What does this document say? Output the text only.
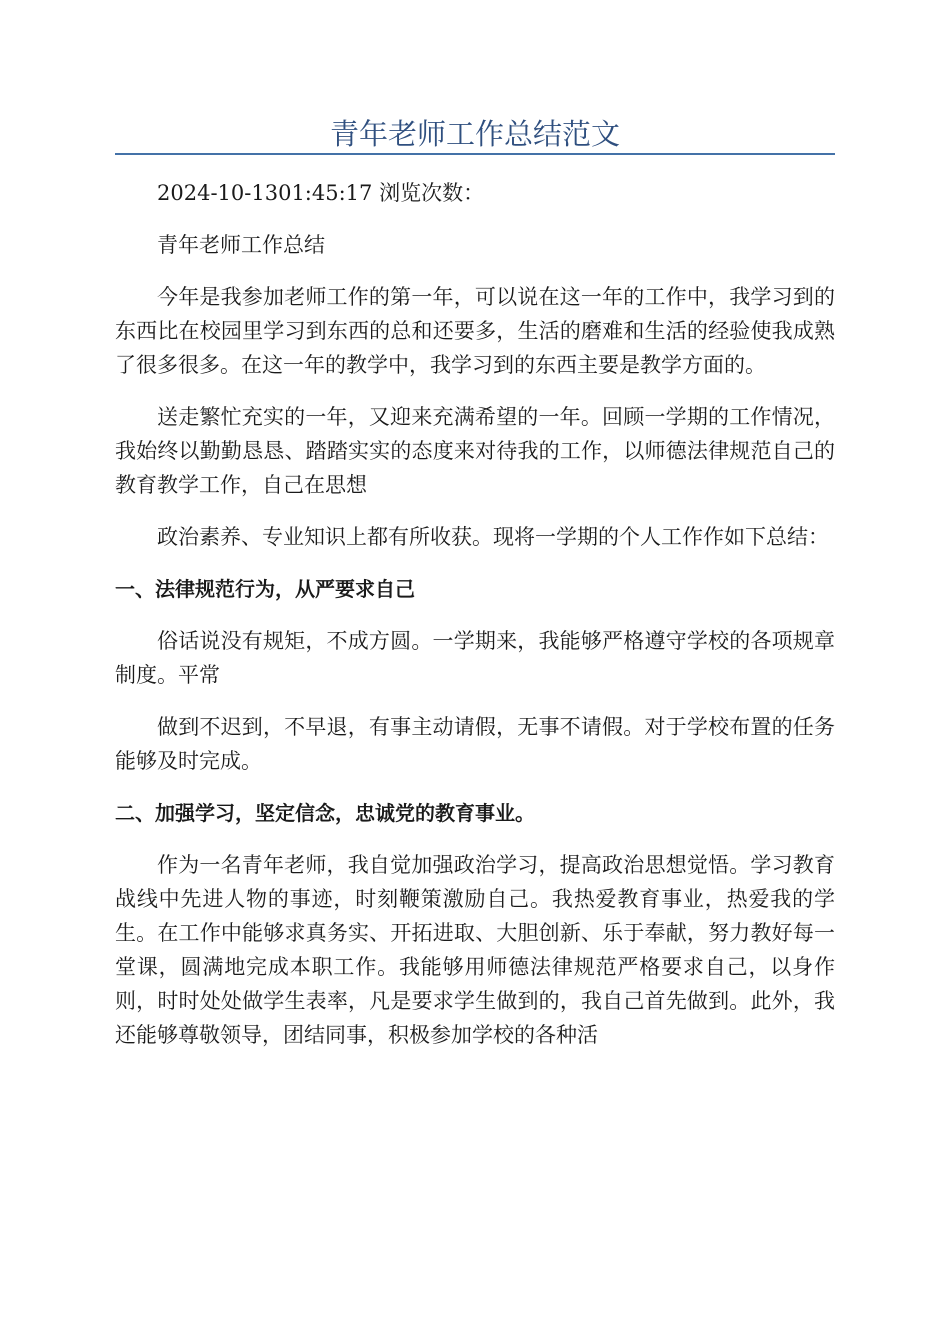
青年老师工作总结范文

2024-10-1301:45:17 浏览次数：

青年老师工作总结

今年是我参加老师工作的第一年，可以说在这一年的工作中，我学习到的东西比在校园里学习到东西的总和还要多，生活的磨难和生活的经验使我成熟了很多很多。在这一年的教学中，我学习到的东西主要是教学方面的。

送走繁忙充实的一年，又迎来充满希望的一年。回顾一学期的工作情况，我始终以勤勤恳恳、踏踏实实的态度来对待我的工作，以师德法律规范自己的教育教学工作，自己在思想

政治素养、专业知识上都有所收获。现将一学期的个人工作作如下总结：

一、法律规范行为，从严要求自己

俗话说没有规矩，不成方圆。一学期来，我能够严格遵守学校的各项规章制度。平常

做到不迟到，不早退，有事主动请假，无事不请假。对于学校布置的任务能够及时完成。

二、加强学习，坚定信念，忠诚党的教育事业。

作为一名青年老师，我自觉加强政治学习，提高政治思想觉悟。学习教育战线中先进人物的事迹，时刻鞭策激励自己。我热爱教育事业，热爱我的学生。在工作中能够求真务实、开拓进取、大胆创新、乐于奉献，努力教好每一堂课，圆满地完成本职工作。我能够用师德法律规范严格要求自己，以身作则，时时处处做学生表率，凡是要求学生做到的，我自己首先做到。此外，我还能够尊敬领导，团结同事，积极参加学校的各种活
